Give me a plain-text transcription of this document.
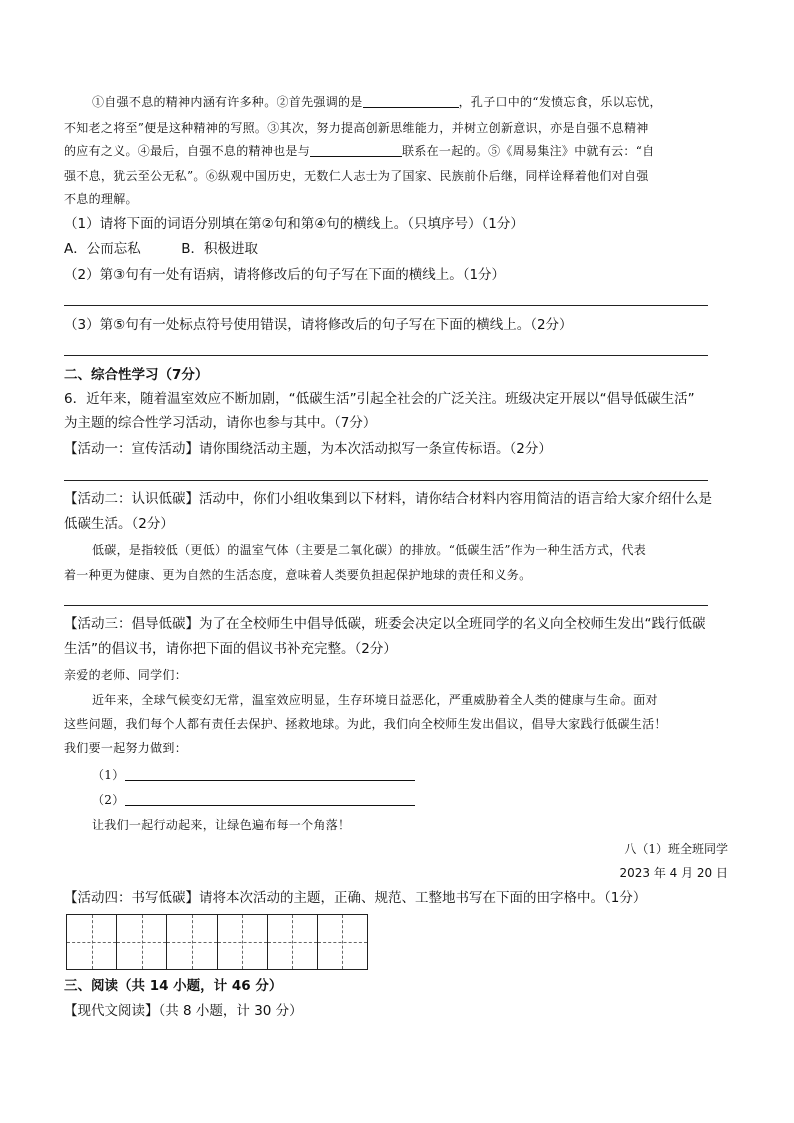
①自强不息的精神内涵有许多种。②首先强调的是	，孔子口中的“发愤忘食，乐以忘忧，
不知老之将至”便是这种精神的写照。③其次，努力提高创新思维能力，并树立创新意识，亦是自强不息精神
的应有之义。④最后，自强不息的精神也是与	联系在一起的。⑤《周易集注》中就有云：“自
强不息，犹云至公无私”。⑥纵观中国历史，无数仁人志士为了国家、民族前仆后继，同样诠释着他们对自强
不息的理解。
（1）请将下面的词语分别填在第②句和第④句的横线上。（只填序号）（1分）
A．公而忘私　　　B．积极进取
（2）第③句有一处有语病，请将修改后的句子写在下面的横线上。（1分）
（3）第⑤句有一处标点符号使用错误，请将修改后的句子写在下面的横线上。（2分）
二、综合性学习（7分）
6．近年来，随着温室效应不断加剧，“低碳生活”引起全社会的广泛关注。班级决定开展以“倡导低碳生活”
为主题的综合性学习活动，请你也参与其中。（7分）
【活动一：宣传活动】请你围绕活动主题，为本次活动拟写一条宣传标语。（2分）
【活动二：认识低碳】活动中，你们小组收集到以下材料，请你结合材料内容用简洁的语言给大家介绍什么是
低碳生活。（2分）
低碳，是指较低（更低）的温室气体（主要是二氧化碳）的排放。“低碳生活”作为一种生活方式，代表
着一种更为健康、更为自然的生活态度，意味着人类要负担起保护地球的责任和义务。
【活动三：倡导低碳】为了在全校师生中倡导低碳，班委会决定以全班同学的名义向全校师生发出“践行低碳
生活”的倡议书，请你把下面的倡议书补充完整。（2分）
亲爱的老师、同学们：
近年来，全球气候变幻无常，温室效应明显，生存环境日益恶化，严重威胁着全人类的健康与生命。面对
这些问题，我们每个人都有责任去保护、拯救地球。为此，我们向全校师生发出倡议，倡导大家践行低碳生活！
我们要一起努力做到：
（1）
（2）
让我们一起行动起来，让绿色遍布每一个角落！
八（1）班全班同学
2023 年 4 月 20 日
【活动四：书写低碳】请将本次活动的主题，正确、规范、工整地书写在下面的田字格中。（1分）
三、阅读（共 14 小题，计 46 分）
【现代文阅读】（共 8 小题，计 30 分）
